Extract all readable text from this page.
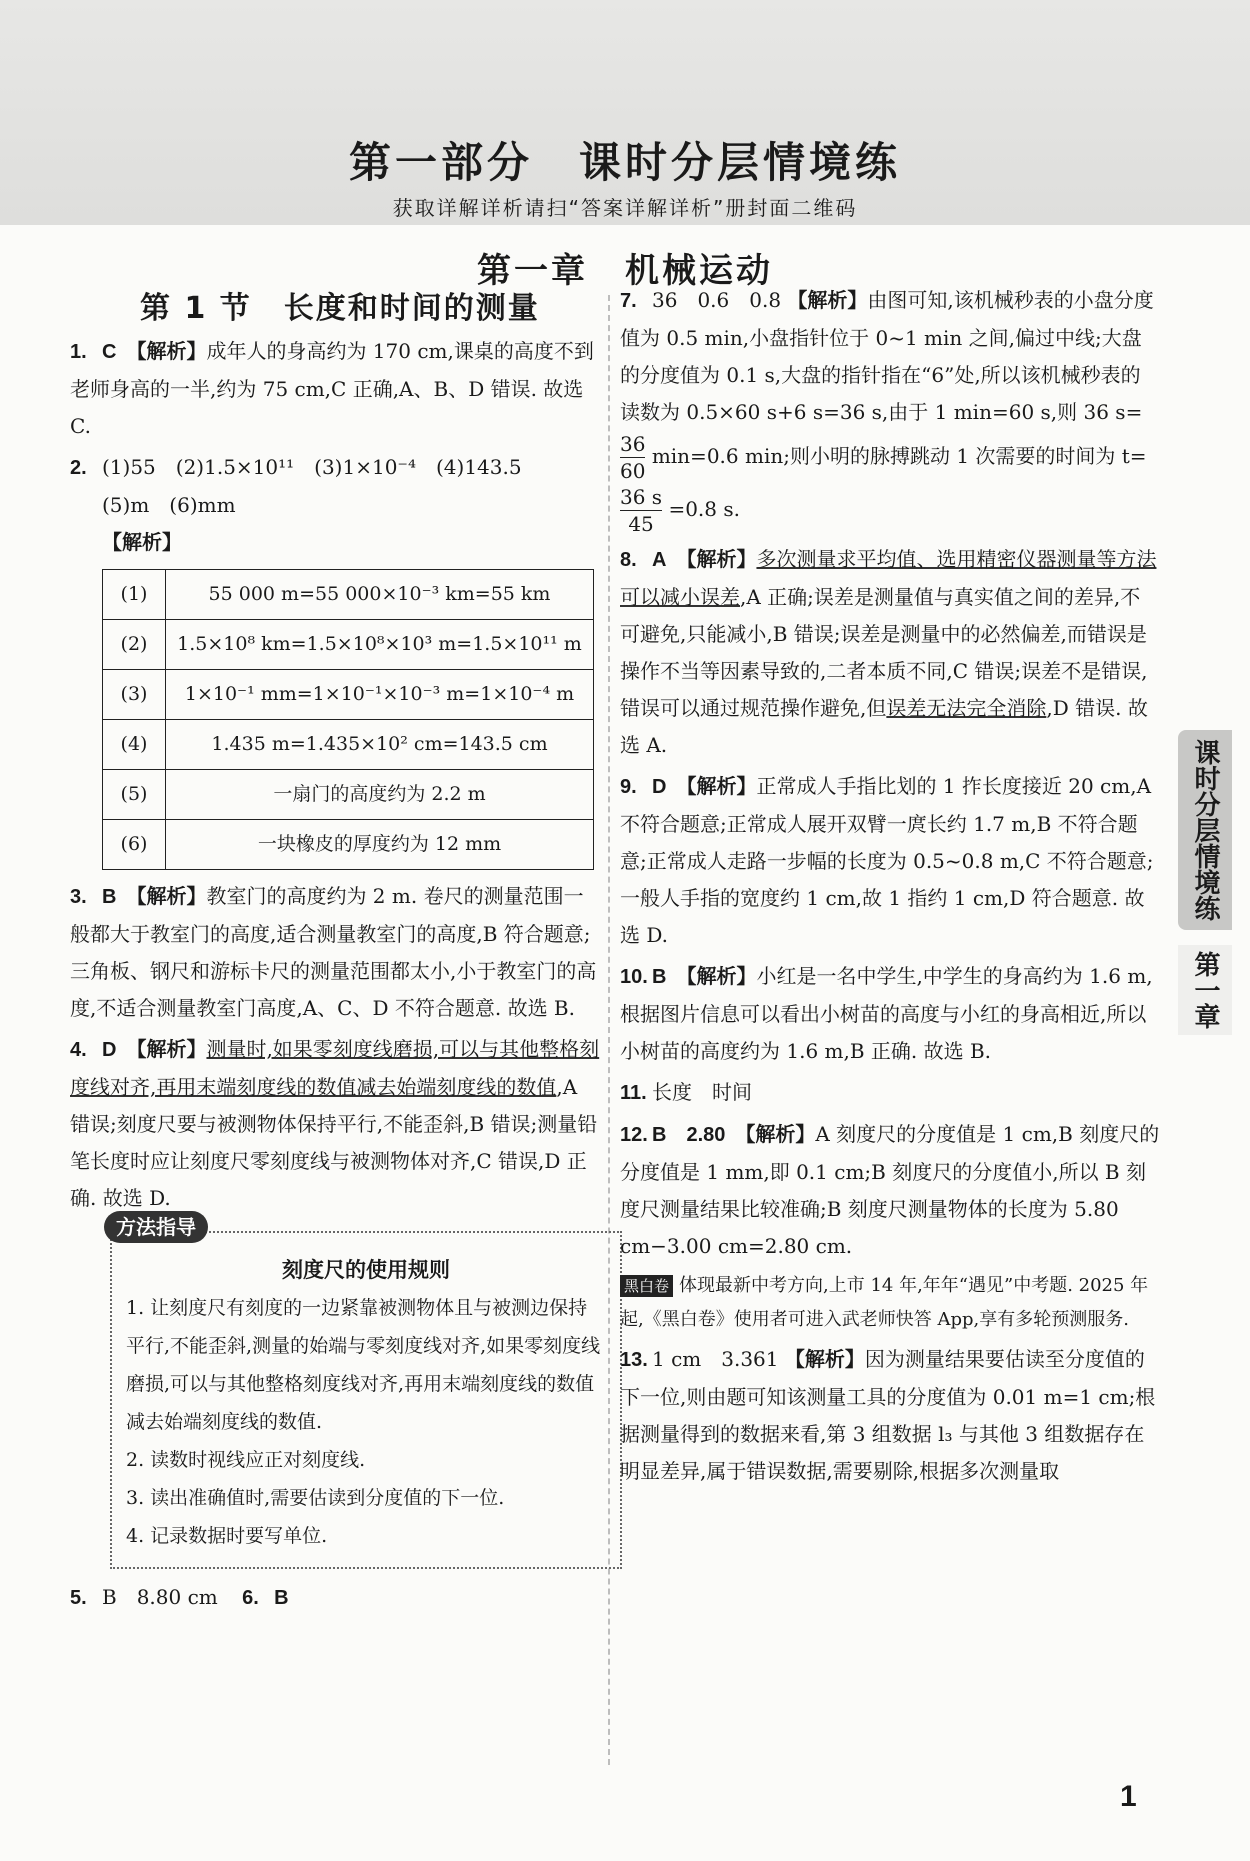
第一部分　课时分层情境练
获取详解详析请扫“答案详解详析”册封面二维码
第一章　机械运动
第 1 节　长度和时间的测量
1. C 【解析】成年人的身高约为 170 cm,课桌的高度不到老师身高的一半,约为 75 cm,C 正确,A、B、D 错误. 故选 C.
2. (1)55　(2)1.5×10¹¹　(3)1×10⁻⁴　(4)143.5
(5)m　(6)mm
【解析】
(1)	55 000 m=55 000×10⁻³ km=55 km
(2)	1.5×10⁸ km=1.5×10⁸×10³ m=1.5×10¹¹ m
(3)	1×10⁻¹ mm=1×10⁻¹×10⁻³ m=1×10⁻⁴ m
(4)	1.435 m=1.435×10² cm=143.5 cm
(5)	一扇门的高度约为 2.2 m
(6)	一块橡皮的厚度约为 12 mm
3. B 【解析】教室门的高度约为 2 m. 卷尺的测量范围一般都大于教室门的高度,适合测量教室门的高度,B 符合题意;三角板、钢尺和游标卡尺的测量范围都太小,小于教室门的高度,不适合测量教室门高度,A、C、D 不符合题意. 故选 B.
4. D 【解析】测量时,如果零刻度线磨损,可以与其他整格刻度线对齐,再用末端刻度线的数值减去始端刻度线的数值,A 错误;刻度尺要与被测物体保持平行,不能歪斜,B 错误;测量铅笔长度时应让刻度尺零刻度线与被测物体对齐,C 错误,D 正确. 故选 D.
方法指导
刻度尺的使用规则
1. 让刻度尺有刻度的一边紧靠被测物体且与被测边保持平行,不能歪斜,测量的始端与零刻度线对齐,如果零刻度线磨损,可以与其他整格刻度线对齐,再用末端刻度线的数值减去始端刻度线的数值.
2. 读数时视线应正对刻度线.
3. 读出准确值时,需要估读到分度值的下一位.
4. 记录数据时要写单位.
5. B　8.80 cm 6. B
7. 36　0.6　0.8 【解析】由图可知,该机械秒表的小盘分度值为 0.5 min,小盘指针位于 0~1 min 之间,偏过中线;大盘的分度值为 0.1 s,大盘的指针指在“6”处,所以该机械秒表的读数为 0.5×60 s+6 s=36 s,由于 1 min=60 s,则 36 s=
$\frac{36}{60} \min=0.6$ min;则小明的脉搏跳动 1 次需要的时间为 t=
$\frac{36 s}{45} =0.8$ s.
8. A 【解析】多次测量求平均值、选用精密仪器测量等方法可以减小误差,A 正确;误差是测量值与真实值之间的差异,不可避免,只能减小,B 错误;误差是测量中的必然偏差,而错误是操作不当等因素导致的,二者本质不同,C 错误;误差不是错误,错误可以通过规范操作避免,但误差无法完全消除,D 错误. 故选 A.
9. D 【解析】正常成人手指比划的 1 拃长度接近 20 cm,A 不符合题意;正常成人展开双臂一庹长约 1.7 m,B 不符合题意;正常成人走路一步幅的长度为 0.5~0.8 m,C 不符合题意;一般人手指的宽度约 1 cm,故 1 指约 1 cm,D 符合题意. 故选 D.
10. B 【解析】小红是一名中学生,中学生的身高约为 1.6 m,根据图片信息可以看出小树苗的高度与小红的身高相近,所以小树苗的高度约为 1.6 m,B 正确. 故选 B.
11. 长度　时间
12. B　2.80 【解析】A 刻度尺的分度值是 1 cm,B 刻度尺的分度值是 1 mm,即 0.1 cm;B 刻度尺的分度值小,所以 B 刻度尺测量结果比较准确;B 刻度尺测量物体的长度为 5.80 cm−3.00 cm=2.80 cm.
黑白卷 体现最新中考方向,上市 14 年,年年“遇见”中考题. 2025 年起,《黑白卷》使用者可进入武老师快答 App,享有多轮预测服务.
13. 1 cm　3.361 【解析】因为测量结果要估读至分度值的下一位,则由题可知该测量工具的分度值为 0.01 m=1 cm;根据测量得到的数据来看,第 3 组数据 l₃ 与其他 3 组数据存在明显差异,属于错误数据,需要剔除,根据多次测量取
课时分层情境练
第一章
1
